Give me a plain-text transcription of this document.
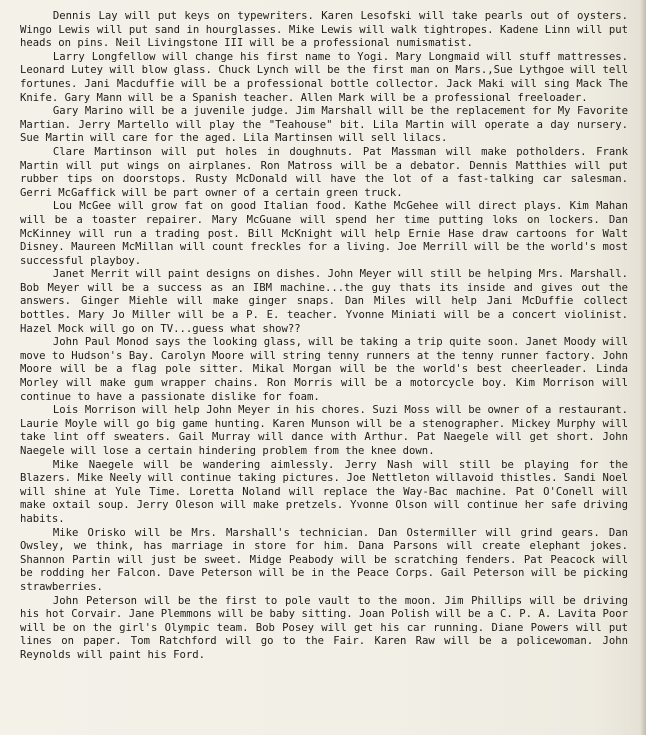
Dennis Lay will put keys on typewriters. Karen Lesofski will take pearls out of oysters. Wingo Lewis will put sand in hourglasses. Mike Lewis will walk tightropes. Kadene Linn will put heads on pins. Neil Livingstone III will be a professional numismatist.

Larry Longfellow will change his first name to Yogi. Mary Longmaid will stuff mattresses. Leonard Lutey will blow glass. Chuck Lynch will be the first man on Mars.,Sue Lythgoe will tell fortunes. Jani Macduffie will be a professional bottle collector. Jack Maki will sing Mack The Knife. Gary Mann will be a Spanish teacher. Allen Mark will be a professional freeloader.

Gary Marino will be a juvenile judge. Jim Marshall will be the replacement for My Favorite Martian. Jerry Martello will play the "Teahouse" bit. Lila Martin will operate a day nursery. Sue Martin will care for the aged. Lila Martinsen will sell lilacs.

Clare Martinson will put holes in doughnuts. Pat Massman will make potholders. Frank Martin will put wings on airplanes. Ron Matross will be a debator. Dennis Matthies will put rubber tips on doorstops. Rusty McDonald will have the lot of a fast-talking car salesman. Gerri McGaffick will be part owner of a certain green truck.

Lou McGee will grow fat on good Italian food. Kathe McGehee will direct plays. Kim Mahan will be a toaster repairer. Mary McGuane will spend her time putting loks on lockers. Dan McKinney will run a trading post. Bill McKnight will help Ernie Hase draw cartoons for Walt Disney. Maureen McMillan will count freckles for a living. Joe Merrill will be the world's most successful playboy.

Janet Merrit will paint designs on dishes. John Meyer will still be helping Mrs. Marshall. Bob Meyer will be a success as an IBM machine...the guy thats its inside and gives out the answers. Ginger Miehle will make ginger snaps. Dan Miles will help Jani McDuffie collect bottles. Mary Jo Miller will be a P. E. teacher. Yvonne Miniati will be a concert violinist. Hazel Mock will go on TV...guess what show??

John Paul Monod says the looking glass, will be taking a trip quite soon. Janet Moody will move to Hudson's Bay. Carolyn Moore will string tenny runners at the tenny runner factory. John Moore will be a flag pole sitter. Mikal Morgan will be the world's best cheerleader. Linda Morley will make gum wrapper chains. Ron Morris will be a motorcycle boy. Kim Morrison will continue to have a passionate dislike for foam.

Lois Morrison will help John Meyer in his chores. Suzi Moss will be owner of a restaurant. Laurie Moyle will go big game hunting. Karen Munson will be a stenographer. Mickey Murphy will take lint off sweaters. Gail Murray will dance with Arthur. Pat Naegele will get short. John Naegele will lose a certain hindering problem from the knee down.

Mike Naegele will be wandering aimlessly. Jerry Nash will still be playing for the Blazers. Mike Neely will continue taking pictures. Joe Nettleton willavoid thistles. Sandi Noel will shine at Yule Time. Loretta Noland will replace the Way-Bac machine. Pat O'Conell will make oxtail soup. Jerry Oleson will make pretzels. Yvonne Olson will continue her safe driving habits.

Mike Orisko will be Mrs. Marshall's technician. Dan Ostermiller will grind gears. Dan Owsley, we think, has marriage in store for him. Dana Parsons will create elephant jokes. Shannon Partin will just be sweet. Midge Peabody will be scratching fenders. Pat Peacock will be rodding her Falcon. Dave Peterson will be in the Peace Corps. Gail Peterson will be picking strawberries.

John Peterson will be the first to pole vault to the moon. Jim Phillips will be driving his hot Corvair. Jane Plemmons will be baby sitting. Joan Polish will be a C. P. A. Lavita Poor will be on the girl's Olympic team. Bob Posey will get his car running. Diane Powers will put lines on paper. Tom Ratchford will go to the Fair. Karen Raw will be a policewoman. John Reynolds will paint his Ford.
